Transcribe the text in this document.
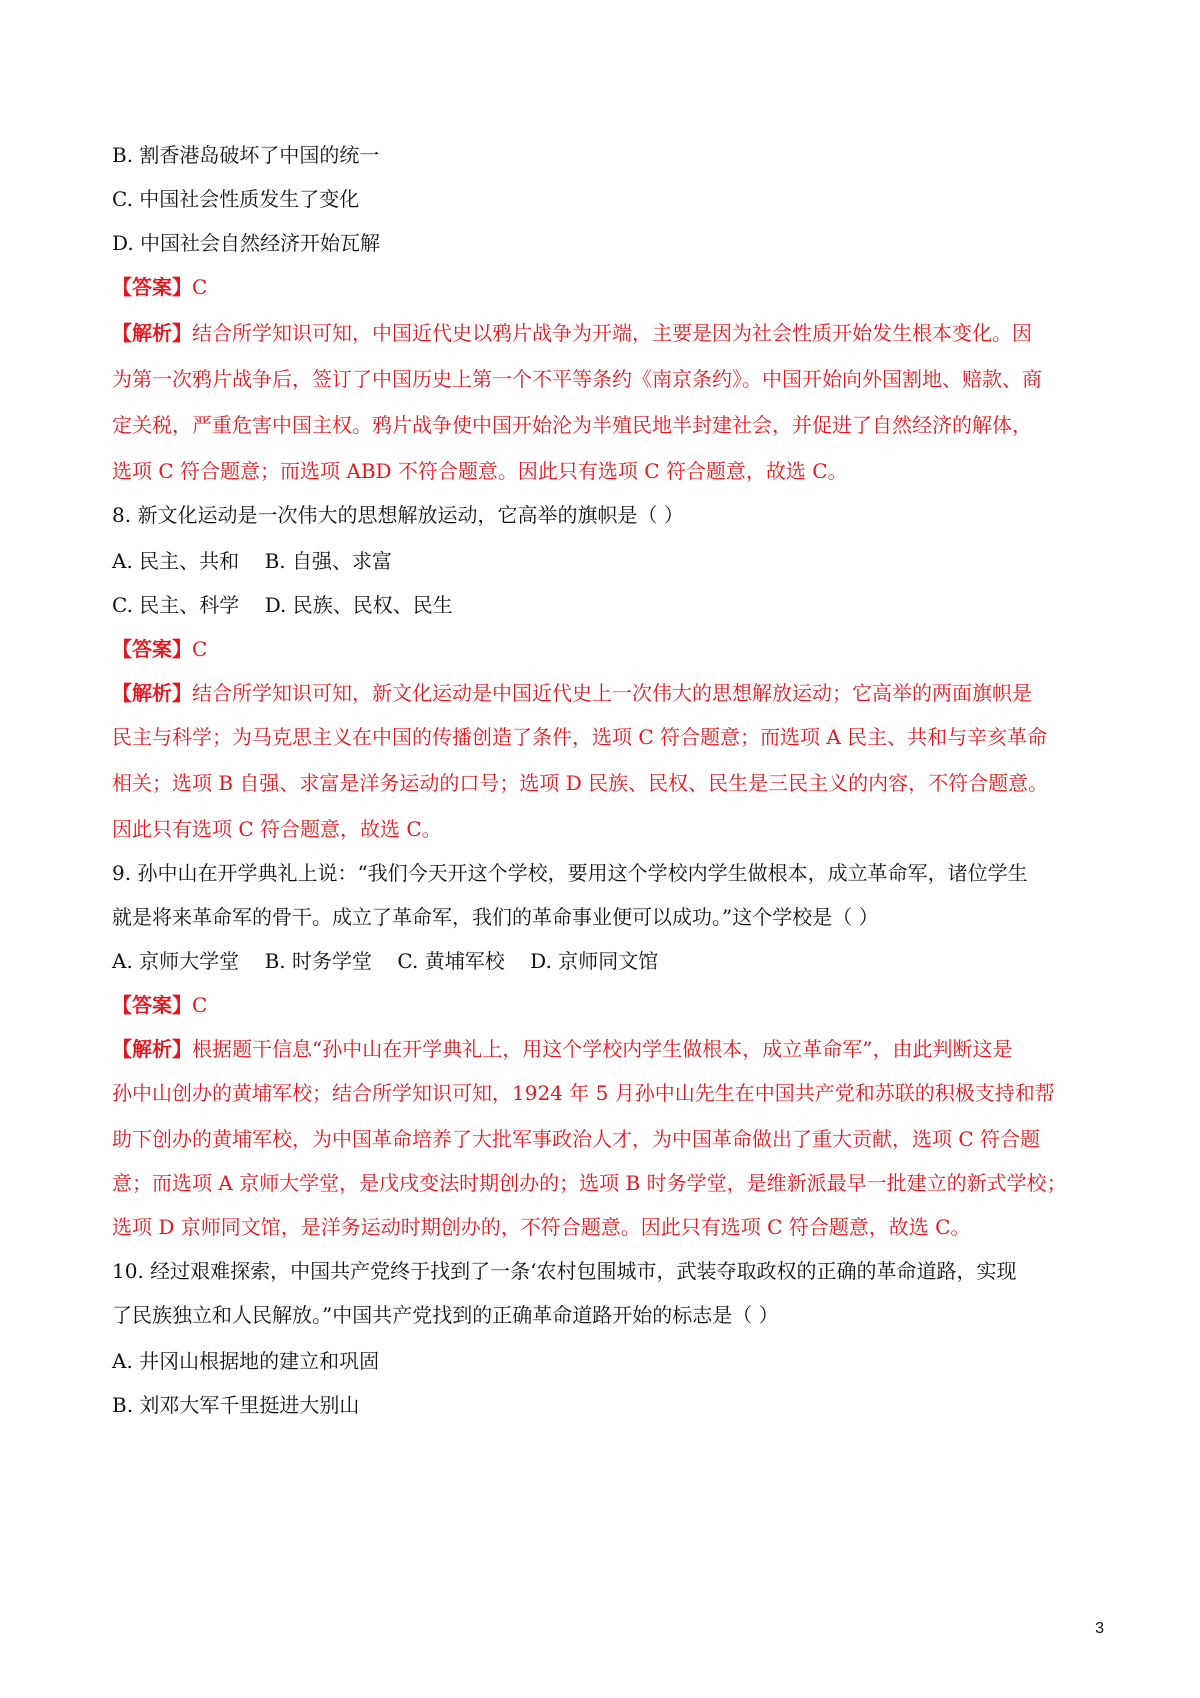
B. 割香港岛破坏了中国的统一
C. 中国社会性质发生了变化
D. 中国社会自然经济开始瓦解
【答案】C
【解析】结合所学知识可知，中国近代史以鸦片战争为开端，主要是因为社会性质开始发生根本变化。因
为第一次鸦片战争后，签订了中国历史上第一个不平等条约《南京条约》。中国开始向外国割地、赔款、商
定关税，严重危害中国主权。鸦片战争使中国开始沦为半殖民地半封建社会，并促进了自然经济的解体，
选项 C 符合题意；而选项 ABD 不符合题意。因此只有选项 C 符合题意，故选 C。
8. 新文化运动是一次伟大的思想解放运动，它高举的旗帜是（ ）
A. 民主、共和    B. 自强、求富
C. 民主、科学    D. 民族、民权、民生
【答案】C
【解析】结合所学知识可知，新文化运动是中国近代史上一次伟大的思想解放运动；它高举的两面旗帜是
民主与科学；为马克思主义在中国的传播创造了条件，选项 C 符合题意；而选项 A 民主、共和与辛亥革命
相关；选项 B 自强、求富是洋务运动的口号；选项 D 民族、民权、民生是三民主义的内容，不符合题意。
因此只有选项 C 符合题意，故选 C。
9. 孙中山在开学典礼上说：“我们今天开这个学校，要用这个学校内学生做根本，成立革命军，诸位学生
就是将来革命军的骨干。成立了革命军，我们的革命事业便可以成功。”这个学校是（ ）
A. 京师大学堂    B. 时务学堂    C. 黄埔军校    D. 京师同文馆
【答案】C
【解析】根据题干信息“孙中山在开学典礼上，用这个学校内学生做根本，成立革命军”，由此判断这是
孙中山创办的黄埔军校；结合所学知识可知，1924 年 5 月孙中山先生在中国共产党和苏联的积极支持和帮
助下创办的黄埔军校，为中国革命培养了大批军事政治人才，为中国革命做出了重大贡献，选项 C 符合题
意；而选项 A 京师大学堂，是戊戌变法时期创办的；选项 B 时务学堂，是维新派最早一批建立的新式学校；
选项 D 京师同文馆，是洋务运动时期创办的，不符合题意。因此只有选项 C 符合题意，故选 C。
10. 经过艰难探索，中国共产党终于找到了一条‘农村包围城市，武装夺取政权的正确的革命道路，实现
了民族独立和人民解放。”中国共产党找到的正确革命道路开始的标志是（ ）
A. 井冈山根据地的建立和巩固
B. 刘邓大军千里挺进大别山
3
